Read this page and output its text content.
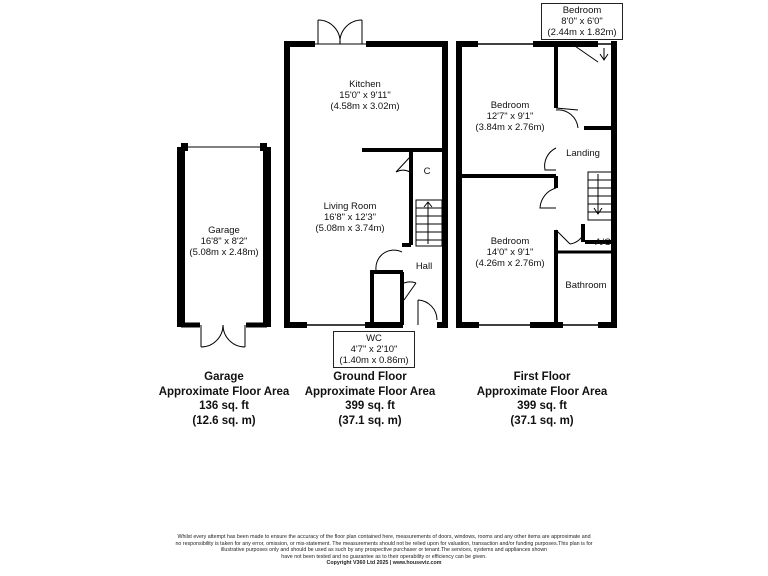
Garage
16'8" x 8'2"
(5.08m x 2.48m)
Kitchen
15'0" x 9'11"
(4.58m x 3.02m)
Living Room
16'8" x 12'3"
(5.08m x 3.74m)
C
Hall
WC
4'7" x 2'10"
(1.40m x 0.86m)
Bedroom
8'0" x 6'0"
(2.44m x 1.82m)
Bedroom
12'7" x 9'1"
(3.84m x 2.76m)
Landing
Bedroom
14'0" x 9'1"
(4.26m x 2.76m)
A/C
Bathroom
Garage
Approximate Floor Area
136 sq. ft
(12.6 sq. m)
Ground Floor
Approximate Floor Area
399 sq. ft
(37.1 sq. m)
First Floor
Approximate Floor Area
399 sq. ft
(37.1 sq. m)
Whilst every attempt has been made to ensure the accuracy of the floor plan contained here, measurements of doors, windows, rooms and any other items are approximate and
no responsibility is taken for any error, omission, or mis-statement. The measurements should not be relied upon for valuation, transaction and/or funding purposes.This plan is for
illustrative purposes only and should be used as such by any prospective purchaser or tenant.The services, systems and appliances shown
have not been tested and no guarantee as to their operability or efficiency can be given.
Copyright V360 Ltd 2025 | www.houseviz.com
